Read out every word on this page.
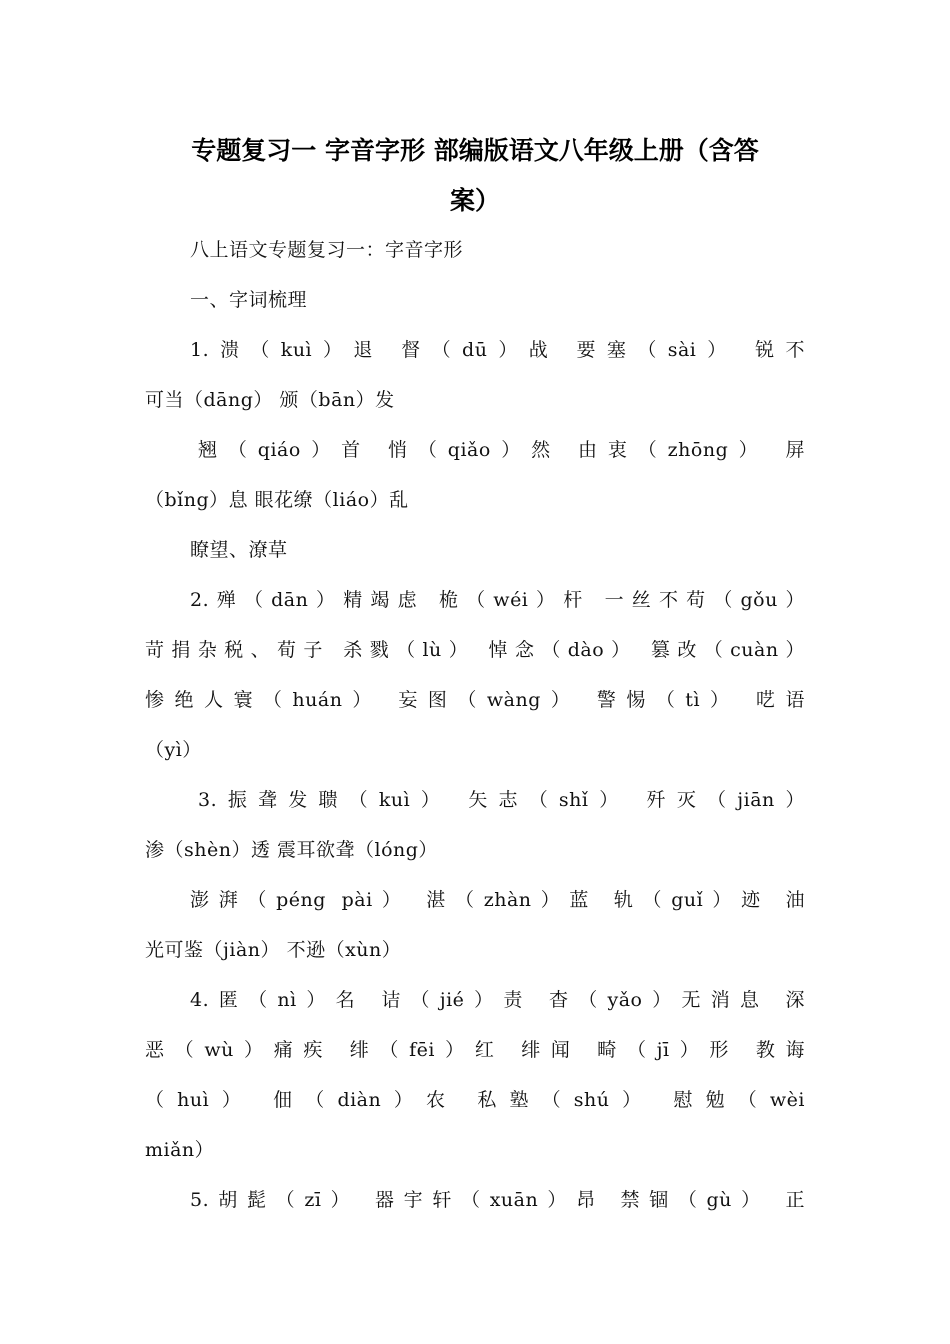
专题复习一 字音字形 部编版语文八年级上册（含答
案）
八上语文专题复习一：字音字形
一、字词梳理
1.溃（kuì）退 督（dū）战 要塞（sài） 锐不
可当（dāng） 颁（bān）发
翘（qiáo）首 悄（qiǎo）然 由衷（zhōng） 屏
（bǐng）息 眼花缭（liáo）乱
瞭望、潦草
2.殚（dān）精竭虑 桅（wéi）杆 一丝不苟（gǒu）
苛捐杂税、荀子 杀戮（lù） 悼念（dào） 篡改（cuàn）
惨绝人寰（huán） 妄图（wàng） 警惕（tì） 呓语
（yì）
3.振聋发聩（kuì） 矢志（shǐ） 歼灭（jiān）
渗（shèn）透 震耳欲聋（lóng）
澎湃（péng pài） 湛（zhàn）蓝 轨（guǐ）迹 油
光可鉴（jiàn） 不逊（xùn）
4.匿（nì）名 诘（jié）责 杳（yǎo）无消息 深
恶（wù）痛疾 绯（fēi）红 绯闻 畸（jī）形 教诲
（huì） 佃（diàn）农 私塾（shú） 慰勉（wèi
miǎn）
5.胡髭（zī） 器宇轩（xuān）昂 禁锢（gù） 正
